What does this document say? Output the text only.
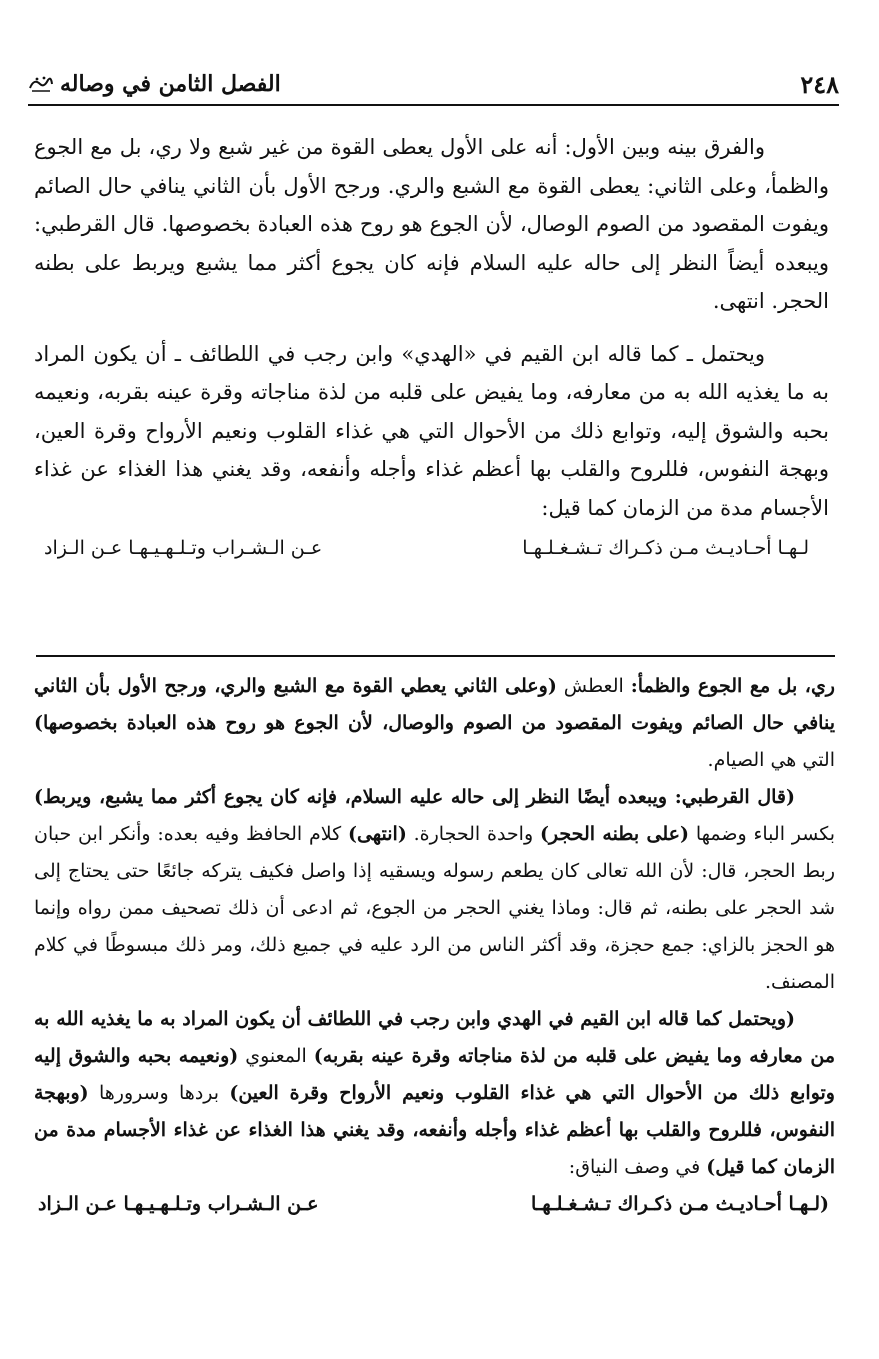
٢٤٨
الفصل الثامن في وصاله

والفرق بينه وبين الأول: أنه على الأول يعطى القوة من غير شبع ولا ري، بل مع الجوع والظمأ، وعلى الثاني: يعطى القوة مع الشبع والري. ورجح الأول بأن الثاني ينافي حال الصائم ويفوت المقصود من الصوم الوصال، لأن الجوع هو روح هذه العبادة بخصوصها. قال القرطبي: ويبعده أيضاً النظر إلى حاله عليه السلام فإنه كان يجوع أكثر مما يشبع ويربط على بطنه الحجر. انتهى.

ويحتمل ـ كما قاله ابن القيم في «الهدي» وابن رجب في اللطائف ـ أن يكون المراد به ما يغذيه الله به من معارفه، وما يفيض على قلبه من لذة مناجاته وقرة عينه بقربه، ونعيمه بحبه والشوق إليه، وتوابع ذلك من الأحوال التي هي غذاء القلوب ونعيم الأرواح وقرة العين، وبهجة النفوس، فللروح والقلب بها أعظم غذاء وأجله وأنفعه، وقد يغني هذا الغذاء عن غذاء الأجسام مدة من الزمان كما قيل:

لـهـا أحـاديـث مـن ذكـراك تـشـغـلـهـا
عـن الـشـراب وتـلـهـيـهـا عـن الـزاد

ري، بل مع الجوع والظمأ: العطش (وعلى الثاني يعطي القوة مع الشبع والري، ورجح الأول بأن الثاني ينافي حال الصائم ويفوت المقصود من الصوم والوصال، لأن الجوع هو روح هذه العبادة بخصوصها) التي هي الصيام.

(قال القرطبي: ويبعده أيضًا النظر إلى حاله عليه السلام، فإنه كان يجوع أكثر مما يشبع، ويربط) بكسر الباء وضمها (على بطنه الحجر) واحدة الحجارة. (انتهى) كلام الحافظ وفيه بعده: وأنكر ابن حبان ربط الحجر، قال: لأن الله تعالى كان يطعم رسوله ويسقيه إذا واصل فكيف يتركه جائعًا حتى يحتاج إلى شد الحجر على بطنه، ثم قال: وماذا يغني الحجر من الجوع، ثم ادعى أن ذلك تصحيف ممن رواه وإنما هو الحجز بالزاي: جمع حجزة، وقد أكثر الناس من الرد عليه في جميع ذلك، ومر ذلك مبسوطًا في كلام المصنف.

(ويحتمل كما قاله ابن القيم في الهدي وابن رجب في اللطائف أن يكون المراد به ما يغذيه الله به من معارفه وما يفيض على قلبه من لذة مناجاته وقرة عينه بقربه) المعنوي (ونعيمه بحبه والشوق إليه وتوابع ذلك من الأحوال التي هي غذاء القلوب ونعيم الأرواح وقرة العين) بردها وسرورها (وبهجة النفوس، فللروح والقلب بها أعظم غذاء وأجله وأنفعه، وقد يغني هذا الغذاء عن غذاء الأجسام مدة من الزمان كما قيل) في وصف النياق:

(لـهـا أحـاديـث مـن ذكـراك تـشـغـلـهـا
عـن الـشـراب وتـلـهـيـهـا عـن الـزاد
